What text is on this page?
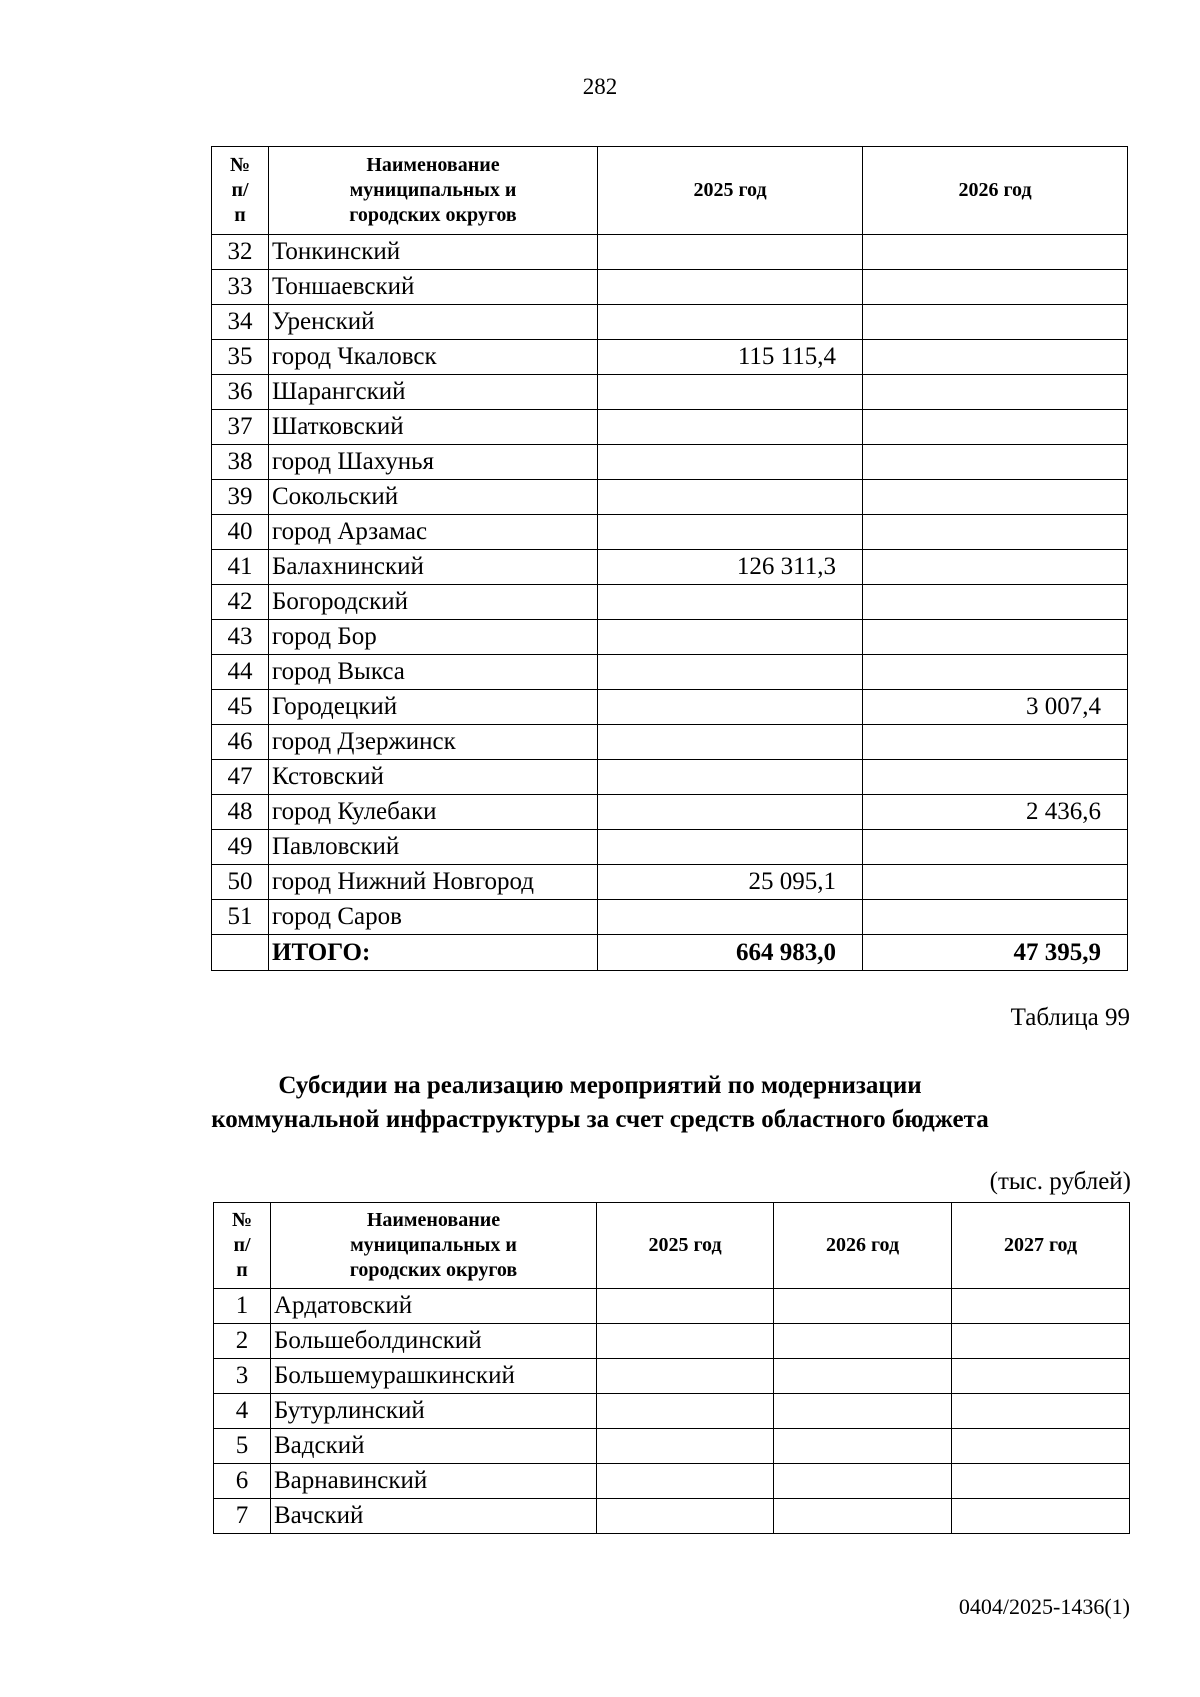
282
№ п/п	Наименование муниципальных и городских округов	2025 год	2026 год
32	Тонкинский		
33	Тоншаевский		
34	Уренский		
35	город Чкаловск	115 115,4	
36	Шарангский		
37	Шатковский		
38	город Шахунья		
39	Сокольский		
40	город Арзамас		
41	Балахнинский	126 311,3	
42	Богородский		
43	город Бор		
44	город Выкса		
45	Городецкий		3 007,4
46	город Дзержинск		
47	Кстовский		
48	город Кулебаки		2 436,6
49	Павловский		
50	город Нижний Новгород	25 095,1	
51	город Саров		
	ИТОГО:	664 983,0	47 395,9
Таблица 99
Субсидии на реализацию мероприятий по модернизации
коммунальной инфраструктуры за счет средств областного бюджета
(тыс. рублей)
№ п/п	Наименование муниципальных и городских округов	2025 год	2026 год	2027 год
1	Ардатовский			
2	Большеболдинский			
3	Большемурашкинский			
4	Бутурлинский			
5	Вадский			
6	Варнавинский			
7	Вачский			
0404/2025-1436(1)
